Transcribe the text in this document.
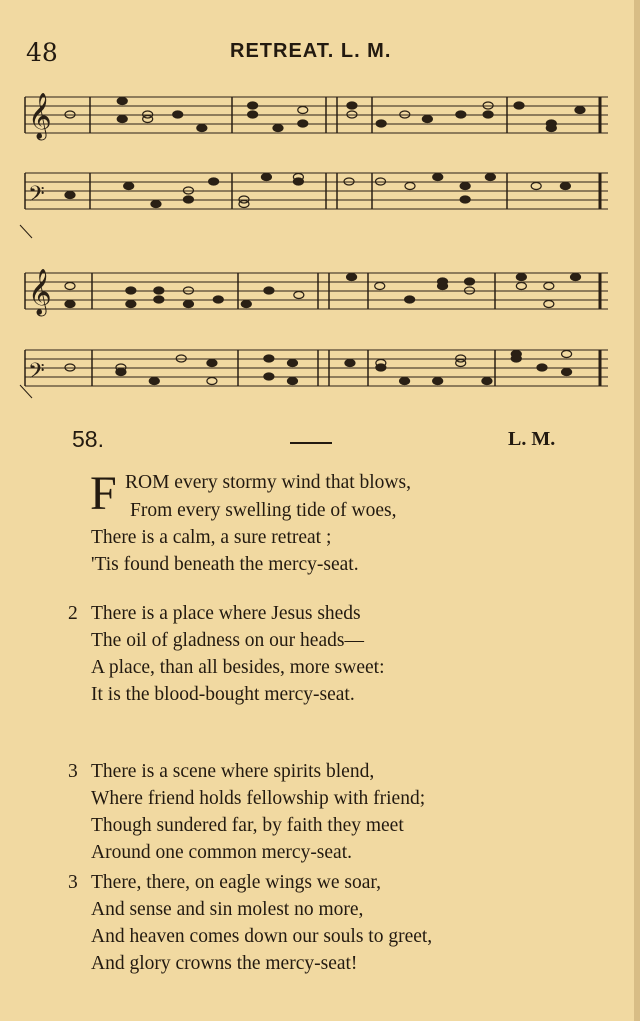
48	RETREAT. L. M.
𝄞
𝄢
𝄞
𝄢
58.	L. M.
F ROM every stormy wind that blows,
From every swelling tide of woes,
There is a calm, a sure retreat ;
'Tis found beneath the mercy-seat.
2 There is a place where Jesus sheds
The oil of gladness on our heads—
A place, than all besides, more sweet:
It is the blood-bought mercy-seat.
3 There is a scene where spirits blend,
Where friend holds fellowship with friend;
Though sundered far, by faith they meet
Around one common mercy-seat.
3 There, there, on eagle wings we soar,
And sense and sin molest no more,
And heaven comes down our souls to greet,
And glory crowns the mercy-seat!
